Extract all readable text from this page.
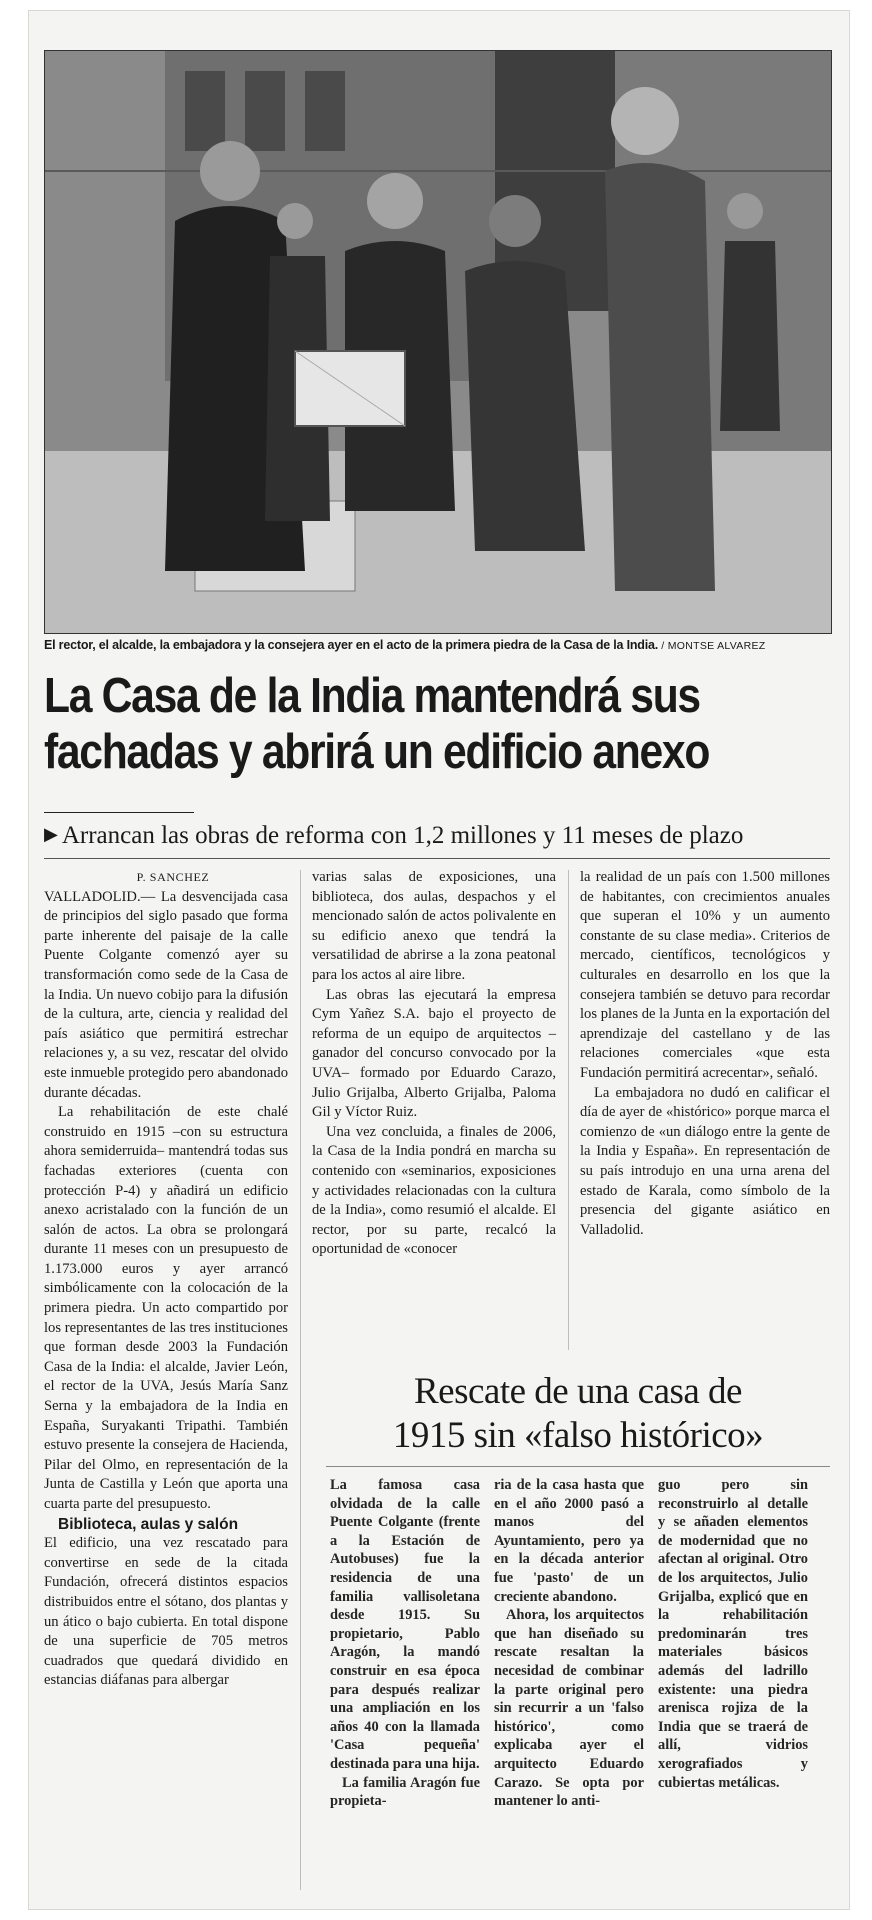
El rector, el alcalde, la embajadora y la consejera ayer en el acto de la primera piedra de la Casa de la India. / MONTSE ALVAREZ
La Casa de la India mantendrá sus
fachadas y abrirá un edificio anexo
▶ Arrancan las obras de reforma con 1,2 millones y 11 meses de plazo

P. SANCHEZ

VALLADOLID.— La desvencijada casa de principios del siglo pasado que forma parte inherente del paisaje de la calle Puente Colgante comenzó ayer su transformación como sede de la Casa de la India. Un nuevo cobijo para la difusión de la cultura, arte, ciencia y realidad del país asiático que permitirá estrechar relaciones y, a su vez, rescatar del olvido este inmueble protegido pero abandonado durante décadas.

La rehabilitación de este chalé construido en 1915 –con su estructura ahora semiderruida– mantendrá todas sus fachadas exteriores (cuenta con protección P-4) y añadirá un edificio anexo acristalado con la función de un salón de actos. La obra se prolongará durante 11 meses con un presupuesto de 1.173.000 euros y ayer arrancó simbólicamente con la colocación de la primera piedra. Un acto compartido por los representantes de las tres instituciones que forman desde 2003 la Fundación Casa de la India: el alcalde, Javier León, el rector de la UVA, Jesús María Sanz Serna y la embajadora de la India en España, Suryakanti Tripathi. También estuvo presente la consejera de Hacienda, Pilar del Olmo, en representación de la Junta de Castilla y León que aporta una cuarta parte del presupuesto.

Biblioteca, aulas y salón

El edificio, una vez rescatado para convertirse en sede de la citada Fundación, ofrecerá distintos espacios distribuidos entre el sótano, dos plantas y un ático o bajo cubierta. En total dispone de una superficie de 705 metros cuadrados que quedará dividido en estancias diáfanas para albergar

varias salas de exposiciones, una biblioteca, dos aulas, despachos y el mencionado salón de actos polivalente en su edificio anexo que tendrá la versatilidad de abrirse a la zona peatonal para los actos al aire libre.

Las obras las ejecutará la empresa Cym Yañez S.A. bajo el proyecto de reforma de un equipo de arquitectos –ganador del concurso convocado por la UVA– formado por Eduardo Carazo, Julio Grijalba, Alberto Grijalba, Paloma Gil y Víctor Ruiz.

Una vez concluida, a finales de 2006, la Casa de la India pondrá en marcha su contenido con «seminarios, exposiciones y actividades relacionadas con la cultura de la India», como resumió el alcalde. El rector, por su parte, recalcó la oportunidad de «conocer

la realidad de un país con 1.500 millones de habitantes, con crecimientos anuales que superan el 10% y un aumento constante de su clase media». Criterios de mercado, científicos, tecnológicos y culturales en desarrollo en los que la consejera también se detuvo para recordar los planes de la Junta en la exportación del aprendizaje del castellano y de las relaciones comerciales «que esta Fundación permitirá acrecentar», señaló.

La embajadora no dudó en calificar el día de ayer de «histórico» porque marca el comienzo de «un diálogo entre la gente de la India y España». En representación de su país introdujo en una urna arena del estado de Karala, como símbolo de la presencia del gigante asiático en Valladolid.

Rescate de una casa de
1915 sin «falso histórico»

La famosa casa olvidada de la calle Puente Colgante (frente a la Estación de Autobuses) fue la residencia de una familia vallisoletana desde 1915. Su propietario, Pablo Aragón, la mandó construir en esa época para después realizar una ampliación en los años 40 con la llamada 'Casa pequeña' destinada para una hija.

La familia Aragón fue propieta-

ria de la casa hasta que en el año 2000 pasó a manos del Ayuntamiento, pero ya en la década anterior fue 'pasto' de un creciente abandono.

Ahora, los arquitectos que han diseñado su rescate resaltan la necesidad de combinar la parte original pero sin recurrir a un 'falso histórico', como explicaba ayer el arquitecto Eduardo Carazo. Se opta por mantener lo anti-

guo pero sin reconstruirlo al detalle y se añaden elementos de modernidad que no afectan al original. Otro de los arquitectos, Julio Grijalba, explicó que en la rehabilitación predominarán tres materiales básicos además del ladrillo existente: una piedra arenisca rojiza de la India que se traerá de allí, vidrios xerografiados y cubiertas metálicas.
